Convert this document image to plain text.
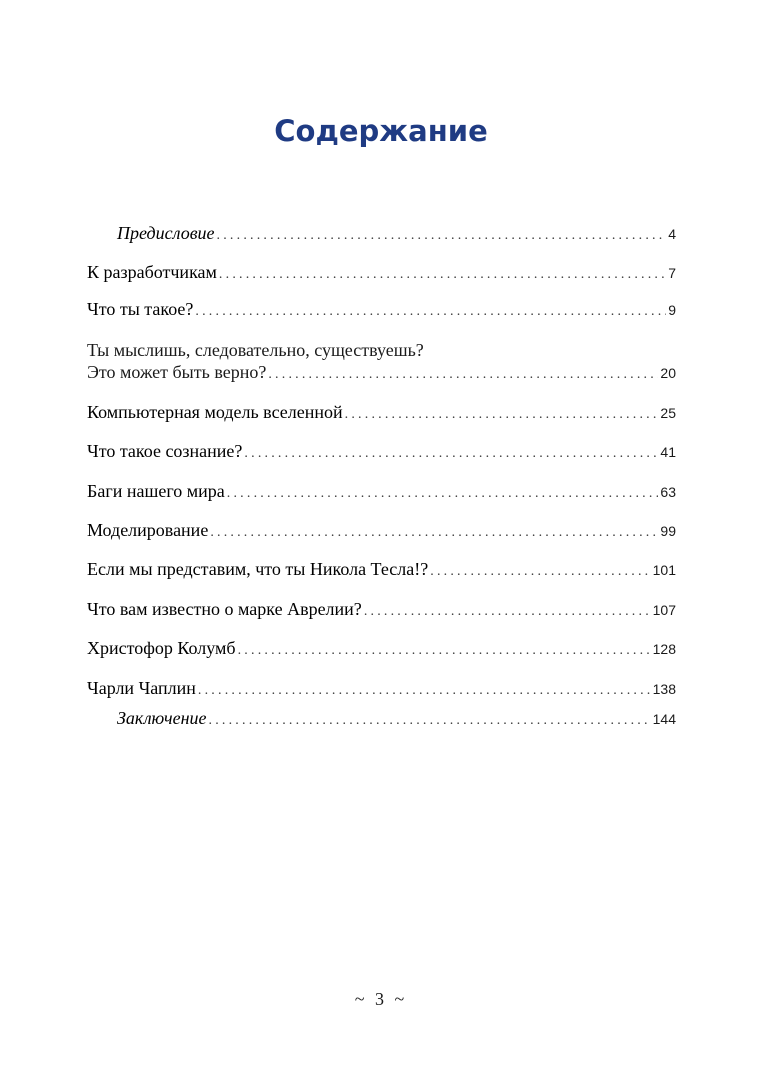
Содержание
Предисловие .....	4
К разработчикам .....	7
Что ты такое? .....	9
Ты мыслишь, следовательно, существуешь?
Это может быть верно? .....	20
Компьютерная модель вселенной .....	25
Что такое сознание? .....	41
Баги нашего мира .....	63
Моделирование .....	99
Если мы представим, что ты Никола Тесла!? .....	101
Что вам известно о марке Аврелии? .....	107
Христофор Колумб .....	128
Чарли Чаплин .....	138
Заключение .....	144
~ 3 ~
